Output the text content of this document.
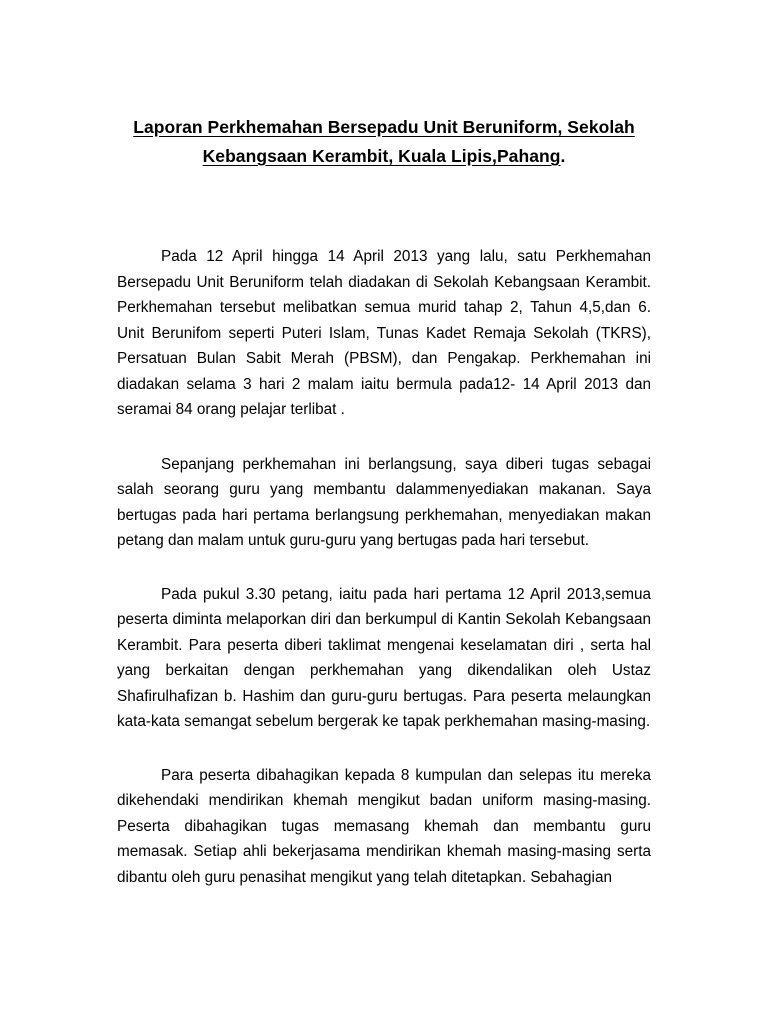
Laporan Perkhemahan Bersepadu Unit Beruniform, Sekolah
Kebangsaan Kerambit, Kuala Lipis,Pahang.

Pada 12 April hingga 14 April 2013 yang lalu, satu Perkhemahan Bersepadu Unit Beruniform telah diadakan di Sekolah Kebangsaan Kerambit. Perkhemahan tersebut melibatkan semua murid tahap 2, Tahun 4,5,dan 6. Unit Berunifom seperti Puteri Islam, Tunas Kadet Remaja Sekolah (TKRS), Persatuan Bulan Sabit Merah (PBSM), dan Pengakap. Perkhemahan ini diadakan selama 3 hari 2 malam iaitu bermula pada12- 14 April 2013 dan seramai 84 orang pelajar terlibat .

Sepanjang perkhemahan ini berlangsung, saya diberi tugas sebagai salah seorang guru yang membantu dalammenyediakan makanan. Saya bertugas pada hari pertama berlangsung perkhemahan, menyediakan makan petang dan malam untuk guru-guru yang bertugas pada hari tersebut.

Pada pukul 3.30 petang, iaitu pada hari pertama 12 April 2013,semua peserta diminta melaporkan diri dan berkumpul di Kantin Sekolah Kebangsaan Kerambit. Para peserta diberi taklimat mengenai keselamatan diri , serta hal yang berkaitan dengan perkhemahan yang dikendalikan oleh Ustaz Shafirulhafizan b. Hashim dan guru-guru bertugas. Para peserta melaungkan kata-kata semangat sebelum bergerak ke tapak perkhemahan masing-masing.

Para peserta dibahagikan kepada 8 kumpulan dan selepas itu mereka dikehendaki mendirikan khemah mengikut badan uniform masing-masing. Peserta dibahagikan tugas memasang khemah dan membantu guru memasak. Setiap ahli bekerjasama mendirikan khemah masing-masing serta dibantu oleh guru penasihat mengikut yang telah ditetapkan. Sebahagian
